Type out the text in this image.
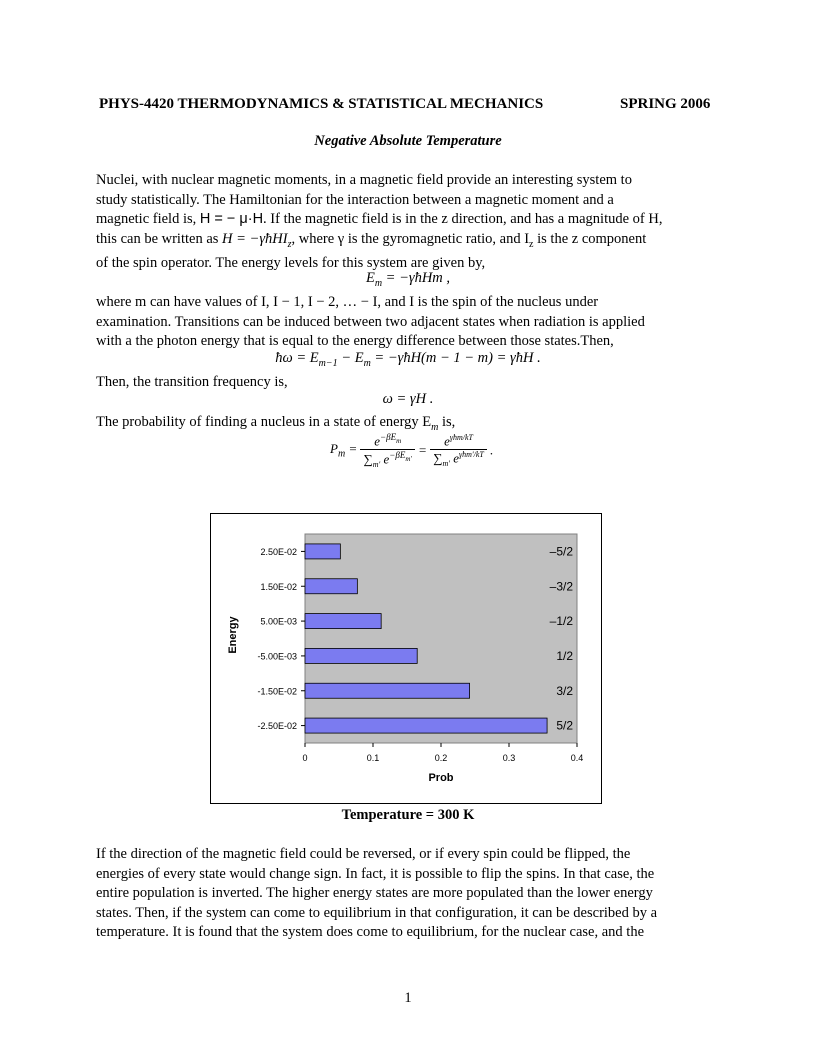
PHYS-4420 THERMODYNAMICS & STATISTICAL MECHANICS	SPRING 2006
Negative Absolute Temperature
Nuclei, with nuclear magnetic moments, in a magnetic field provide an interesting system to
study statistically. The Hamiltonian for the interaction between a magnetic moment and a
magnetic field is, H = − μ·H. If the magnetic field is in the z direction, and has a magnitude of H,
this can be written as H = −γħHI$_z$, where γ is the gyromagnetic ratio, and $I_z$ is the z component
of the spin operator. The energy levels for this system are given by,
$E_m$ = −γħHm ,
where m can have values of I, I − 1, I − 2, … − I, and I is the spin of the nucleus under
examination. Transitions can be induced between two adjacent states when radiation is applied
with a the photon energy that is equal to the energy difference between those states.Then,
ħω = $E_{m-1} - E_m$ = −γħH(m − 1 − m) = γħH .
Then, the transition frequency is,
ω = γH .
The probability of finding a nucleus in a state of energy $E_m$ is,
$P_m = \frac{e^{-\beta E_m}}{\sum_{m'} e^{-\beta E_{m'}}} = \frac{e^{\gamma ħm/kT}}{\sum_{m'} e^{\gamma ħm'/kT}}$ .
2.50E-02
1.50E-02
5.00E-03
-5.00E-03
-1.50E-02
-2.50E-02
–5/2
–3/2
–1/2
1/2
3/2
5/2
0	0.1	0.2	0.3	0.4
Energy
Prob
Temperature = 300 K
If the direction of the magnetic field could be reversed, or if every spin could be flipped, the
energies of every state would change sign. In fact, it is possible to flip the spins. In that case, the
entire population is inverted. The higher energy states are more populated than the lower energy
states. Then, if the system can come to equilibrium in that configuration, it can be described by a
temperature. It is found that the system does come to equilibrium, for the nuclear case, and the
1
